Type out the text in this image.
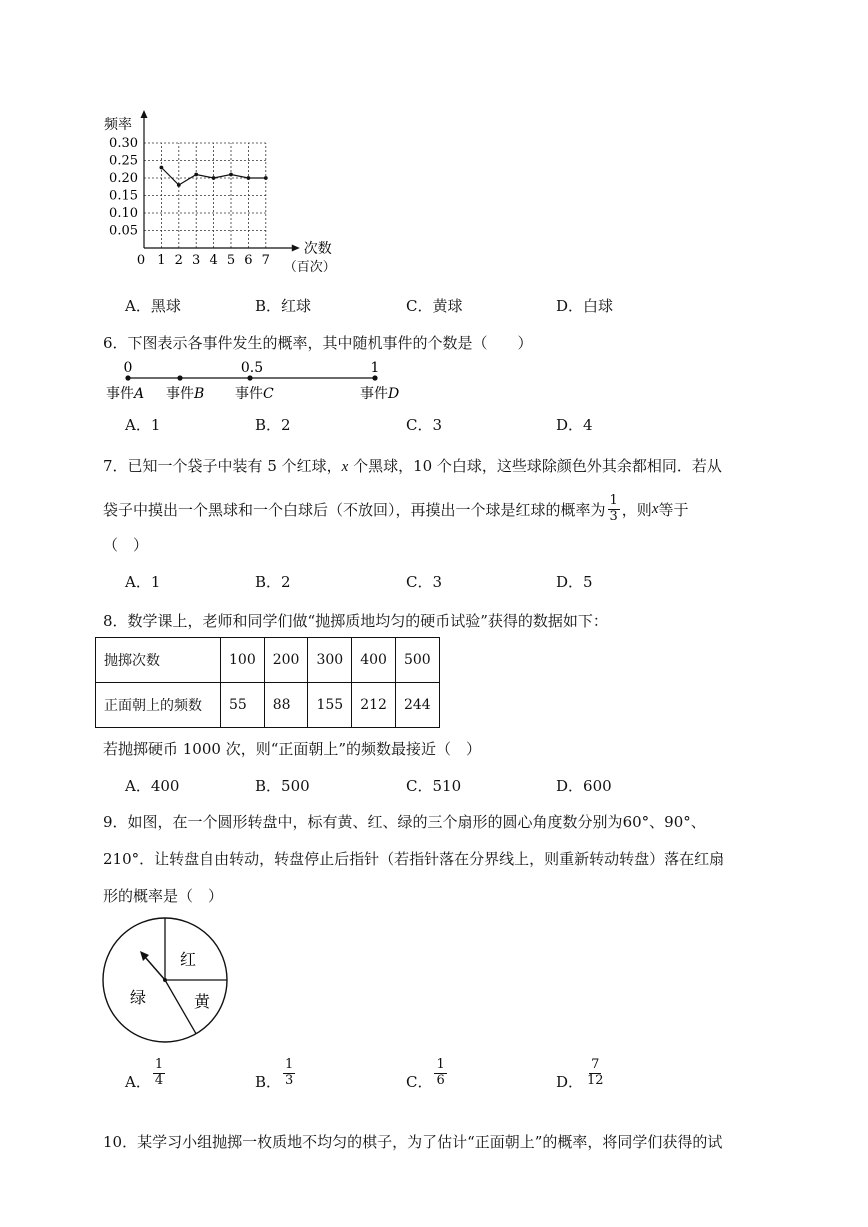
0.05
0.10
0.15
0.20
0.25
0.30
1 2 3 4 5 6 7
0
频率
次数
（百次）
A．黑球	B．红球	C．黄球	D．白球
6．下图表示各事件发生的概率，其中随机事件的个数是（　　）
0	0.5	1
事件A 事件B 事件C	事件D
A．1	B．2	C．3	D．4
7．已知一个袋子中装有 5 个红球，x 个黑球，10 个白球，这些球除颜色外其余都相同．若从
袋子中摸出一个黑球和一个白球后（不放回），再摸出一个球是红球的概率为 $\frac{1}{3}$ ，则 x 等于
（　）
A．1	B．2	C．3	D．5
8．数学课上，老师和同学们做“抛掷质地均匀的硬币试验”获得的数据如下：
抛掷次数	100	200	300	400	500
正面朝上的频数	55	88	155	212	244
若抛掷硬币 1000 次，则“正面朝上”的频数最接近（　）
A．400	B．500	C．510	D．600
9．如图，在一个圆形转盘中，标有黄、红、绿的三个扇形的圆心角度数分别为60°、90°、
210°．让转盘自由转动，转盘停止后指针（若指针落在分界线上，则重新转动转盘）落在红扇
形的概率是（　）
红
黄
绿
A． $\frac{1}{4}$	B． $\frac{1}{3}$	C． $\frac{1}{6}$	D． $\frac{7}{12}$
10．某学习小组抛掷一枚质地不均匀的棋子，为了估计“正面朝上”的概率，将同学们获得的试
